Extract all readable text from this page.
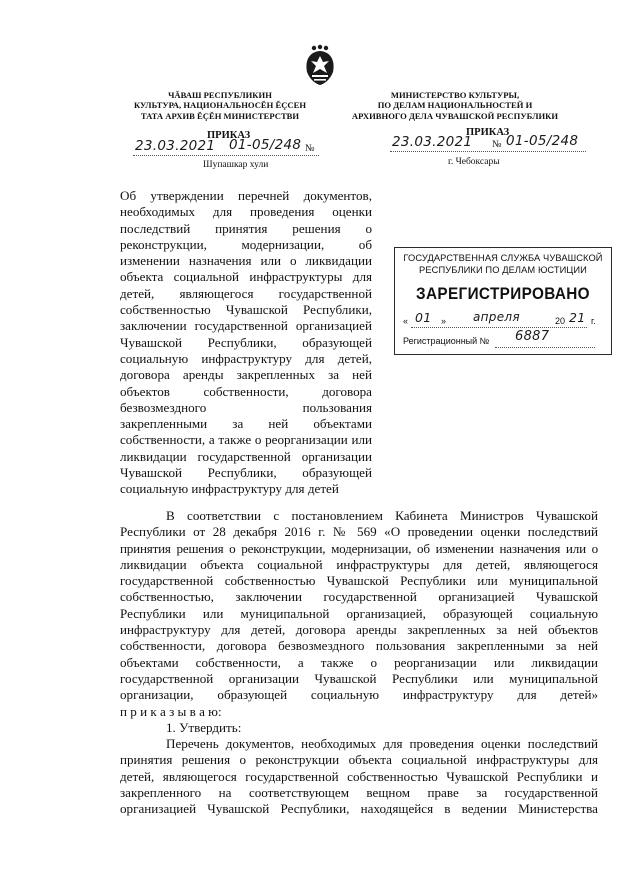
ЧĂВАШ РЕСПУБЛИКИН
КУЛЬТУРА, НАЦИОНАЛЬНОСĔН ĔÇСЕН
ТАТА АРХИВ ĔÇĔН МИНИСТЕРСТВИ
МИНИСТЕРСТВО КУЛЬТУРЫ,
ПО ДЕЛАМ НАЦИОНАЛЬНОСТЕЙ И
АРХИВНОГО ДЕЛА ЧУВАШСКОЙ РЕСПУБЛИКИ
ПРИКАЗ	ПРИКАЗ
23.03.2021 01-05/248 №
Шупашкар хули
23.03.2021 № 01-05/248
г. Чебоксары
Об утверждении перечней документов,
необходимых для проведения оценки
последствий принятия решения о
реконструкции, модернизации, об
изменении назначения или о ликвидации
объекта социальной инфраструктуры для
детей, являющегося государственной
собственностью Чувашской Республики,
заключении государственной организацией
Чувашской Республики, образующей
социальную инфраструктуру для детей,
договора аренды закрепленных за ней
объектов собственности, договора
безвозмездного пользования
закрепленными за ней объектами
собственности, а также о реорганизации или
ликвидации государственной организации
Чувашской Республики, образующей
социальную инфраструктуру для детей
ГОСУДАРСТВЕННАЯ СЛУЖБА ЧУВАШСКОЙ
РЕСПУБЛИКИ ПО ДЕЛАМ ЮСТИЦИИ
ЗАРЕГИСТРИРОВАНО
« 01 » апреля	20 21 г.
Регистрационный № 6887
В соответствии с постановлением Кабинета Министров Чувашской
Республики от 28 декабря 2016 г. № 569 «О проведении оценки последствий
принятия решения о реконструкции, модернизации, об изменении назначения или о
ликвидации объекта социальной инфраструктуры для детей, являющегося
государственной собственностью Чувашской Республики или муниципальной
собственностью, заключении государственной организацией Чувашской
Республики или муниципальной организацией, образующей социальную
инфраструктуру для детей, договора аренды закрепленных за ней объектов
собственности, договора безвозмездного пользования закрепленными за ней
объектами собственности, а также о реорганизации или ликвидации
государственной организации Чувашской Республики или муниципальной
организации, образующей социальную инфраструктуру для детей»
п р и к а з ы в а ю:
1. Утвердить:
Перечень документов, необходимых для проведения оценки последствий
принятия решения о реконструкции объекта социальной инфраструктуры для
детей, являющегося государственной собственностью Чувашской Республики и
закрепленного на соответствующем вещном праве за государственной
организацией Чувашской Республики, находящейся в ведении Министерства
